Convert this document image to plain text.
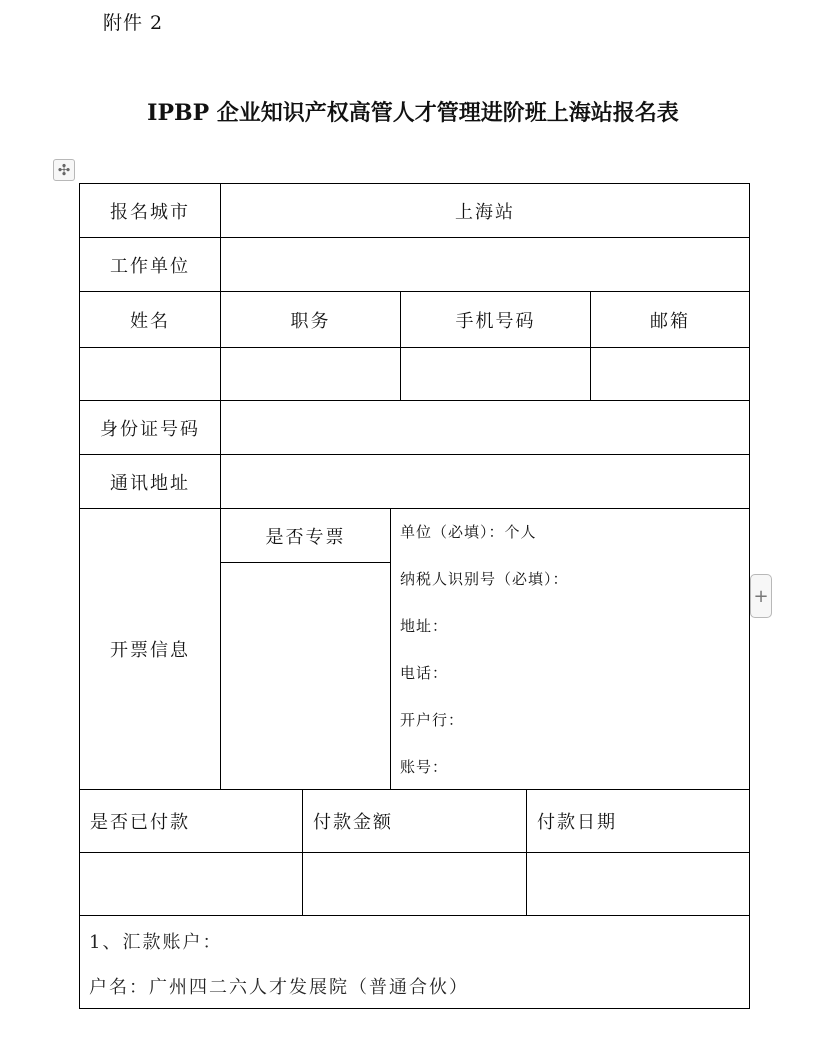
附件 2
IPBP 企业知识产权高管人才管理进阶班上海站报名表
✣
+
报名城市	上海站
工作单位
姓名	职务	手机号码	邮箱
身份证号码
通讯地址
开票信息
是否专票	单位（必填）：个人
纳税人识别号（必填）：
地址：
电话：
开户行：
账号：
是否已付款	付款金额	付款日期
1、汇款账户：
户名：广州四二六人才发展院（普通合伙）
